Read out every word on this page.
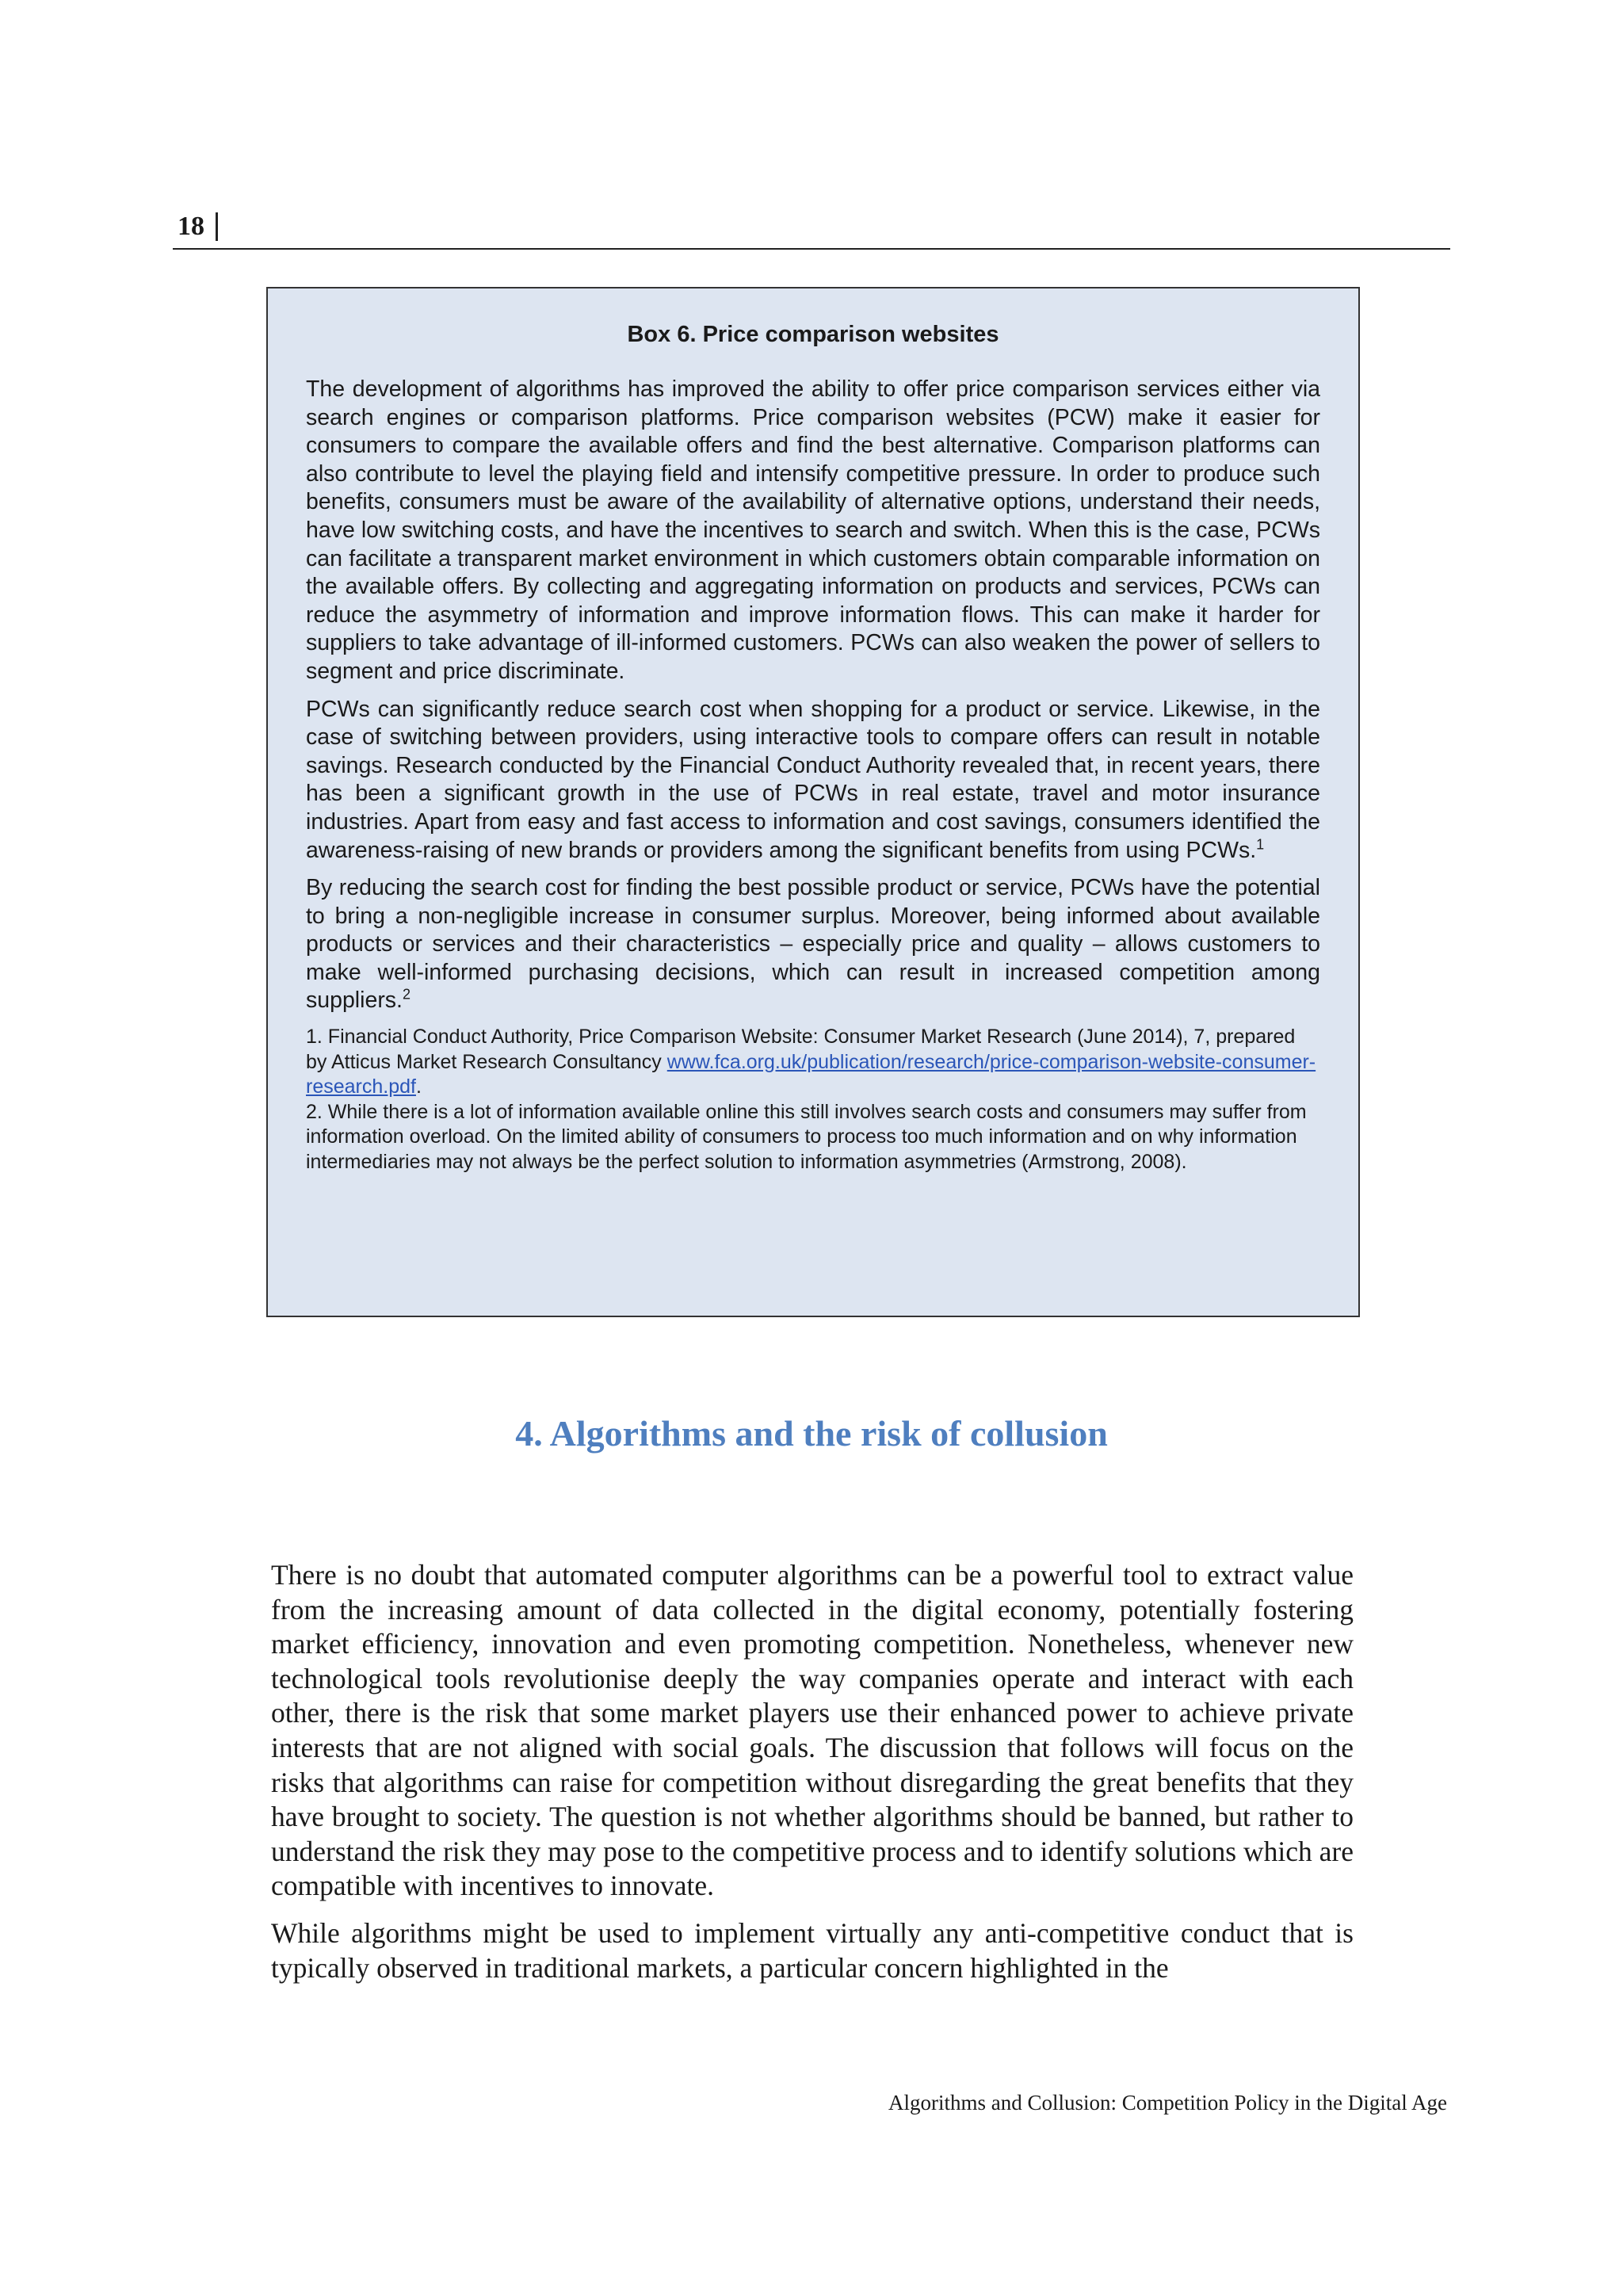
18

Box 6. Price comparison websites

The development of algorithms has improved the ability to offer price comparison services either via search engines or comparison platforms. Price comparison websites (PCW) make it easier for consumers to compare the available offers and find the best alternative. Comparison platforms can also contribute to level the playing field and intensify competitive pressure. In order to produce such benefits, consumers must be aware of the availability of alternative options, understand their needs, have low switching costs, and have the incentives to search and switch. When this is the case, PCWs can facilitate a transparent market environment in which customers obtain comparable information on the available offers. By collecting and aggregating information on products and services, PCWs can reduce the asymmetry of information and improve information flows. This can make it harder for suppliers to take advantage of ill-informed customers. PCWs can also weaken the power of sellers to segment and price discriminate.

PCWs can significantly reduce search cost when shopping for a product or service. Likewise, in the case of switching between providers, using interactive tools to compare offers can result in notable savings. Research conducted by the Financial Conduct Authority revealed that, in recent years, there has been a significant growth in the use of PCWs in real estate, travel and motor insurance industries. Apart from easy and fast access to information and cost savings, consumers identified the awareness-raising of new brands or providers among the significant benefits from using PCWs.$^1$

By reducing the search cost for finding the best possible product or service, PCWs have the potential to bring a non-negligible increase in consumer surplus. Moreover, being informed about available products or services and their characteristics – especially price and quality – allows customers to make well-informed purchasing decisions, which can result in increased competition among suppliers.$^2$

1. Financial Conduct Authority, Price Comparison Website: Consumer Market Research (June 2014), 7, prepared by Atticus Market Research Consultancy www.fca.org.uk/publication/research/price-comparison-website-consumer-research.pdf.

2. While there is a lot of information available online this still involves search costs and consumers may suffer from information overload. On the limited ability of consumers to process too much information and on why information intermediaries may not always be the perfect solution to information asymmetries (Armstrong, 2008).

4. Algorithms and the risk of collusion

There is no doubt that automated computer algorithms can be a powerful tool to extract value from the increasing amount of data collected in the digital economy, potentially fostering market efficiency, innovation and even promoting competition. Nonetheless, whenever new technological tools revolutionise deeply the way companies operate and interact with each other, there is the risk that some market players use their enhanced power to achieve private interests that are not aligned with social goals. The discussion that follows will focus on the risks that algorithms can raise for competition without disregarding the great benefits that they have brought to society. The question is not whether algorithms should be banned, but rather to understand the risk they may pose to the competitive process and to identify solutions which are compatible with incentives to innovate.

While algorithms might be used to implement virtually any anti-competitive conduct that is typically observed in traditional markets, a particular concern highlighted in the

Algorithms and Collusion: Competition Policy in the Digital Age
